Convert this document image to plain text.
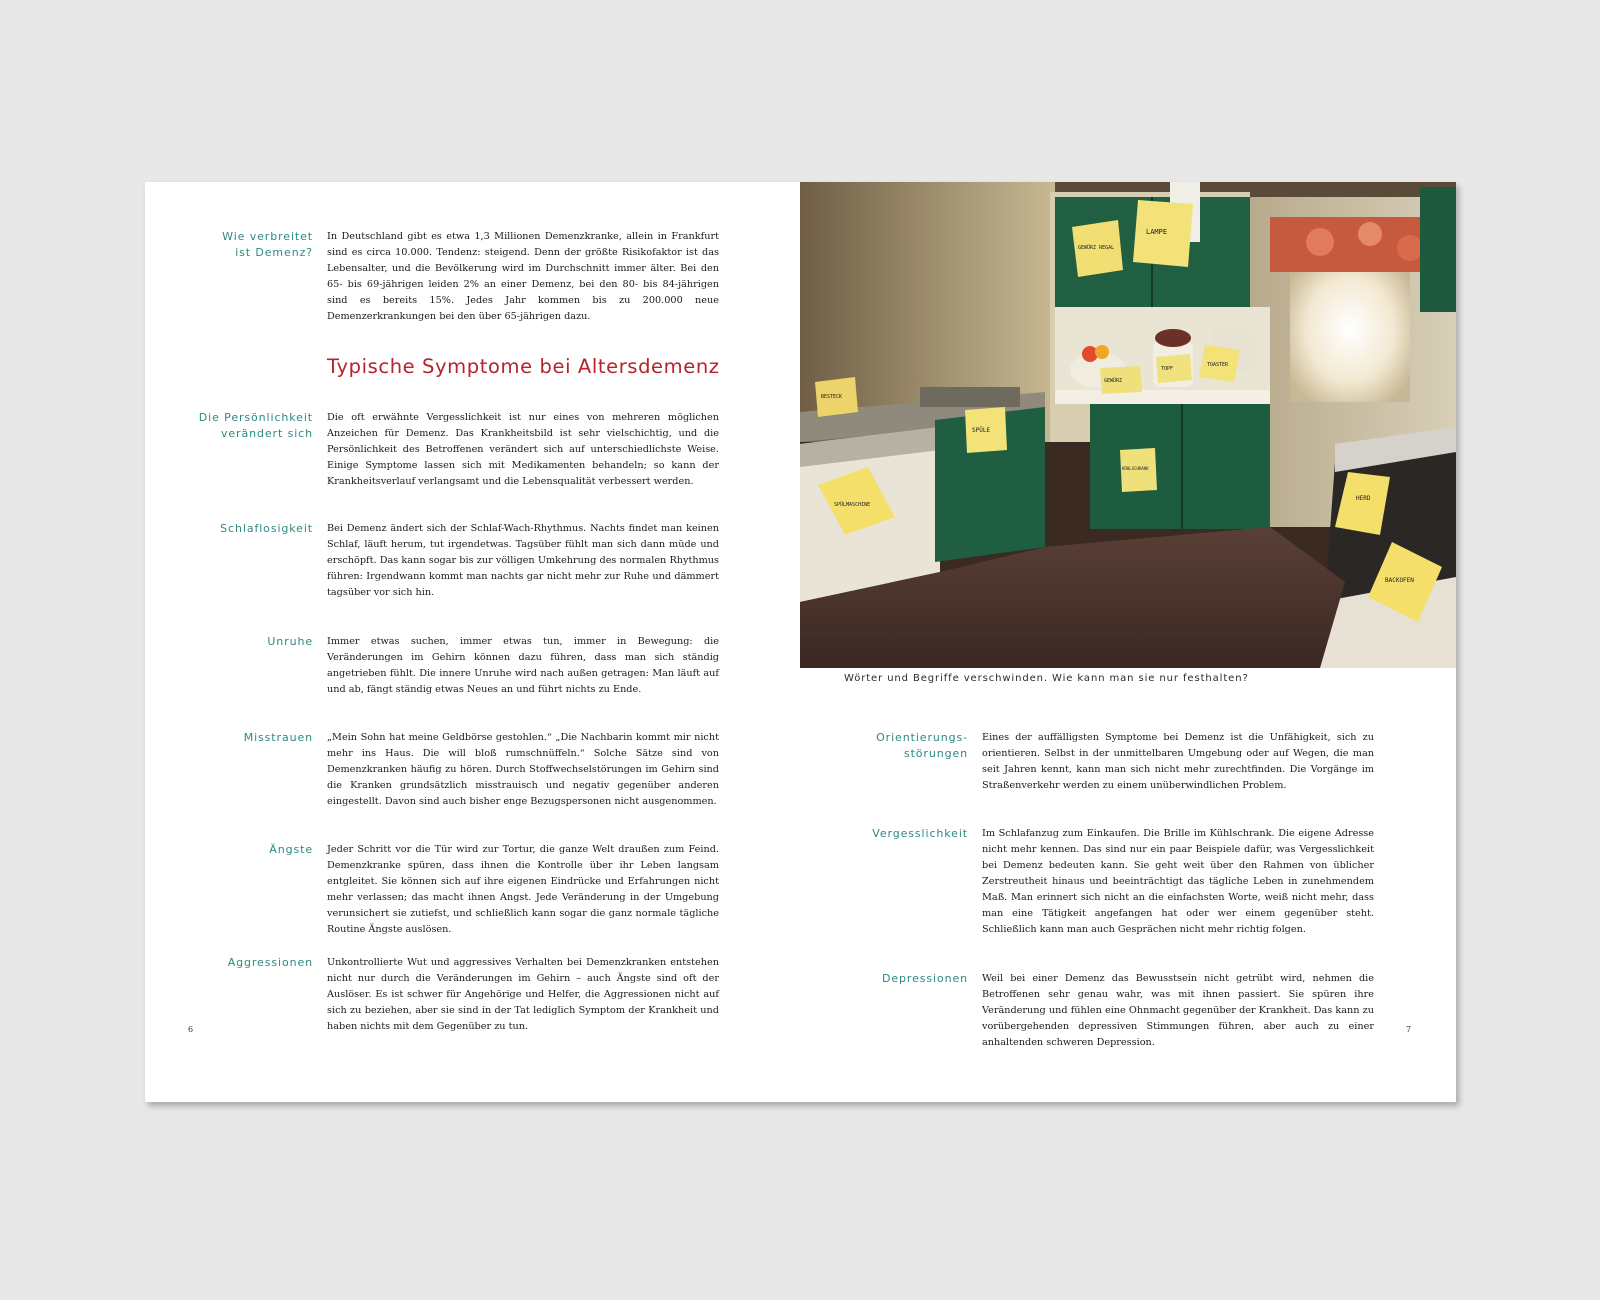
Wie verbreitet
ist Demenz?
In Deutschland gibt es etwa 1,3 Millionen Demenzkranke, allein in Frankfurt sind es circa 10.000. Tendenz: steigend. Denn der größte Risikofaktor ist das Lebensalter, und die Bevölkerung wird im Durchschnitt immer älter. Bei den 65- bis 69-jährigen leiden 2% an einer Demenz, bei den 80- bis 84-jährigen sind es bereits 15%. Jedes Jahr kommen bis zu 200.000 neue Demenzerkrankungen bei den über 65-jährigen dazu.
Typische Symptome bei Altersdemenz
Die Persönlichkeit
verändert sich
Die oft erwähnte Vergesslichkeit ist nur eines von mehreren möglichen Anzeichen für Demenz. Das Krankheitsbild ist sehr vielschichtig, und die Persönlichkeit des Betroffenen verändert sich auf unterschiedlichste Weise. Einige Symptome lassen sich mit Medikamenten behandeln; so kann der Krankheitsverlauf verlangsamt und die Lebensqualität verbessert werden.
Schlaflosigkeit Bei Demenz ändert sich der Schlaf-Wach-Rhythmus. Nachts findet man keinen Schlaf, läuft herum, tut irgendetwas. Tagsüber fühlt man sich dann müde und erschöpft. Das kann sogar bis zur völligen Umkehrung des normalen Rhythmus führen: Irgendwann kommt man nachts gar nicht mehr zur Ruhe und dämmert tagsüber vor sich hin.
Unruhe Immer etwas suchen, immer etwas tun, immer in Bewegung: die Veränderungen im Gehirn können dazu führen, dass man sich ständig angetrieben fühlt. Die innere Unruhe wird nach außen getragen: Man läuft auf und ab, fängt ständig etwas Neues an und führt nichts zu Ende.
Misstrauen „Mein Sohn hat meine Geldbörse gestohlen.“ „Die Nachbarin kommt mir nicht mehr ins Haus. Die will bloß rumschnüffeln.“ Solche Sätze sind von Demenzkranken häufig zu hören. Durch Stoffwechselstörungen im Gehirn sind die Kranken grundsätzlich misstrauisch und negativ gegenüber anderen eingestellt. Davon sind auch bisher enge Bezugspersonen nicht ausgenommen.
Ängste Jeder Schritt vor die Tür wird zur Tortur, die ganze Welt draußen zum Feind. Demenzkranke spüren, dass ihnen die Kontrolle über ihr Leben langsam entgleitet. Sie können sich auf ihre eigenen Eindrücke und Erfahrungen nicht mehr verlassen; das macht ihnen Angst. Jede Veränderung in der Umgebung verunsichert sie zutiefst, und schließlich kann sogar die ganz normale tägliche Routine Ängste auslösen.
Aggressionen Unkontrollierte Wut und aggressives Verhalten bei Demenzkranken entstehen nicht nur durch die Veränderungen im Gehirn – auch Ängste sind oft der Auslöser. Es ist schwer für Angehörige und Helfer, die Aggressionen nicht auf sich zu beziehen, aber sie sind in der Tat lediglich Symptom der Krankheit und haben nichts mit dem Gegenüber zu tun.
6
LAMPE
GEWÜRZ REGAL
GEWÜRZ
TOPF
TOASTER
BESTECK
SPÜLE
SPÜLMASCHINE
KÜHLSCHRANK
HERD
BACKOFEN
Wörter und Begriffe verschwinden. Wie kann man sie nur festhalten?
Orientierungs-
störungen
Eines der auffälligsten Symptome bei Demenz ist die Unfähigkeit, sich zu orientieren. Selbst in der unmittelbaren Umgebung oder auf Wegen, die man seit Jahren kennt, kann man sich nicht mehr zurechtfinden. Die Vorgänge im Straßenverkehr werden zu einem unüberwindlichen Problem.
Vergesslichkeit Im Schlafanzug zum Einkaufen. Die Brille im Kühlschrank. Die eigene Adresse nicht mehr kennen. Das sind nur ein paar Beispiele dafür, was Vergesslichkeit bei Demenz bedeuten kann. Sie geht weit über den Rahmen von üblicher Zerstreutheit hinaus und beeinträchtigt das tägliche Leben in zunehmendem Maß. Man erinnert sich nicht an die einfachsten Worte, weiß nicht mehr, dass man eine Tätigkeit angefangen hat oder wer einem gegenüber steht. Schließlich kann man auch Gesprächen nicht mehr richtig folgen.
Depressionen Weil bei einer Demenz das Bewusstsein nicht getrübt wird, nehmen die Betroffenen sehr genau wahr, was mit ihnen passiert. Sie spüren ihre Veränderung und fühlen eine Ohnmacht gegenüber der Krankheit. Das kann zu vorübergehenden depressiven Stimmungen führen, aber auch zu einer anhaltenden schweren Depression.
7
